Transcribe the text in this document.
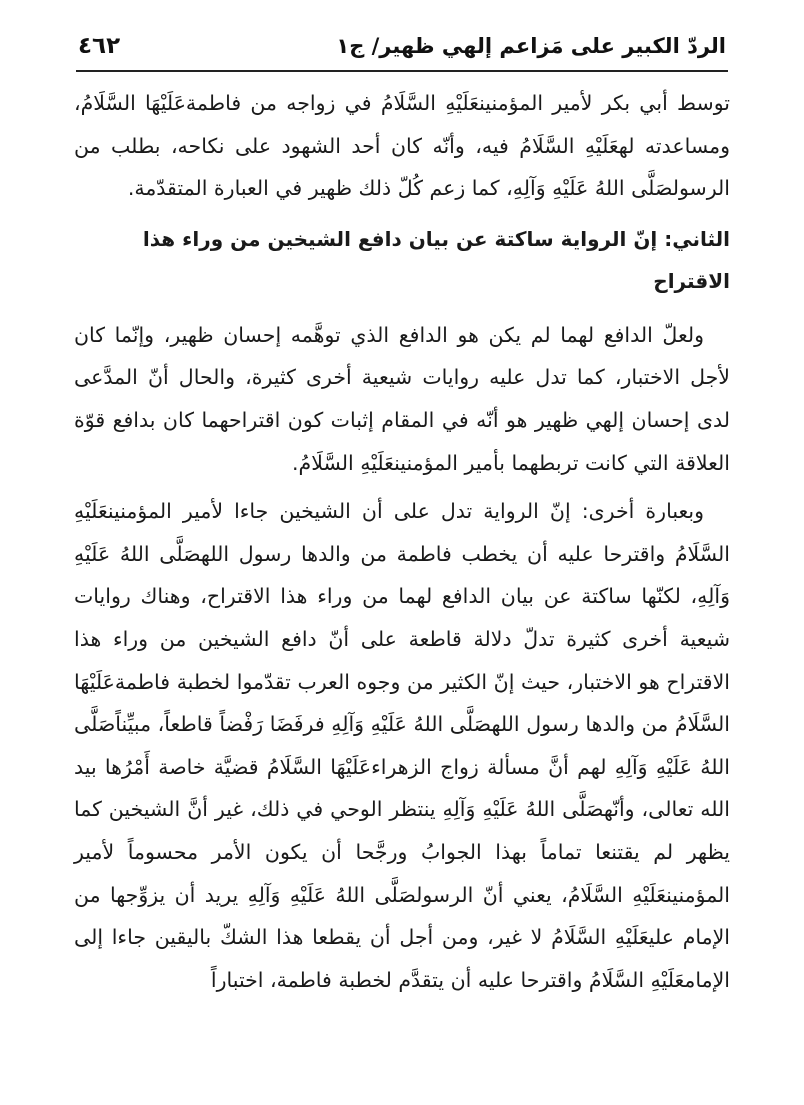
الردّ الكبير على مَزاعم إلهي ظهير/ ج١
٤٦٢

توسط أبي بكر لأمير المؤمنينعَلَيْهِ السَّلَامُ في زواجه من فاطمةعَلَيْهَا السَّلَامُ، ومساعدته لهعَلَيْهِ السَّلَامُ فيه، وأنّه كان أحد الشهود على نكاحه، بطلب من الرسولصَلَّى اللهُ عَلَيْهِ وَآلِهِ، كما زعم كُلّ ذلك ظهير في العبارة المتقدّمة.

الثاني: إنّ الرواية ساكتة عن بيان دافع الشيخين من وراء هذا الاقتراح

ولعلّ الدافع لهما لم يكن هو الدافع الذي توهَّمه إحسان ظهير، وإنّما كان لأجل الاختبار، كما تدل عليه روايات شيعية أخرى كثيرة، والحال أنّ المدَّعى لدى إحسان إلهي ظهير هو أنّه في المقام إثبات كون اقتراحهما كان بدافع قوّة العلاقة التي كانت تربطهما بأمير المؤمنينعَلَيْهِ السَّلَامُ.

وبعبارة أخرى: إنّ الرواية تدل على أن الشيخين جاءا لأمير المؤمنينعَلَيْهِ السَّلَامُ واقترحا عليه أن يخطب فاطمة من والدها رسول اللهصَلَّى اللهُ عَلَيْهِ وَآلِهِ، لكنّها ساكتة عن بيان الدافع لهما من وراء هذا الاقتراح، وهناك روايات شيعية أخرى كثيرة تدلّ دلالة قاطعة على أنّ دافع الشيخين من وراء هذا الاقتراح هو الاختبار، حيث إنّ الكثير من وجوه العرب تقدّموا لخطبة فاطمةعَلَيْهَا السَّلَامُ من والدها رسول اللهصَلَّى اللهُ عَلَيْهِ وَآلِهِ فرفَضَا رَفْضاً قاطعاً، مبيِّناًصَلَّى اللهُ عَلَيْهِ وَآلِهِ لهم أنَّ مسألة زواج الزهراءعَلَيْهَا السَّلَامُ قضيَّة خاصة أَمْرُها بيد الله تعالى، وأنّهصَلَّى اللهُ عَلَيْهِ وَآلِهِ ينتظر الوحي في ذلك، غير أنَّ الشيخين كما يظهر لم يقتنعا تماماً بهذا الجوابُ ورجَّحا أن يكون الأمر محسوماً لأمير المؤمنينعَلَيْهِ السَّلَامُ، يعني أنّ الرسولصَلَّى اللهُ عَلَيْهِ وَآلِهِ يريد أن يزوِّجها من الإمام عليعَلَيْهِ السَّلَامُ لا غير، ومن أجل أن يقطعا هذا الشكّ باليقين جاءا إلى الإمامعَلَيْهِ السَّلَامُ واقترحا عليه أن يتقدَّم لخطبة فاطمة، اختباراً
